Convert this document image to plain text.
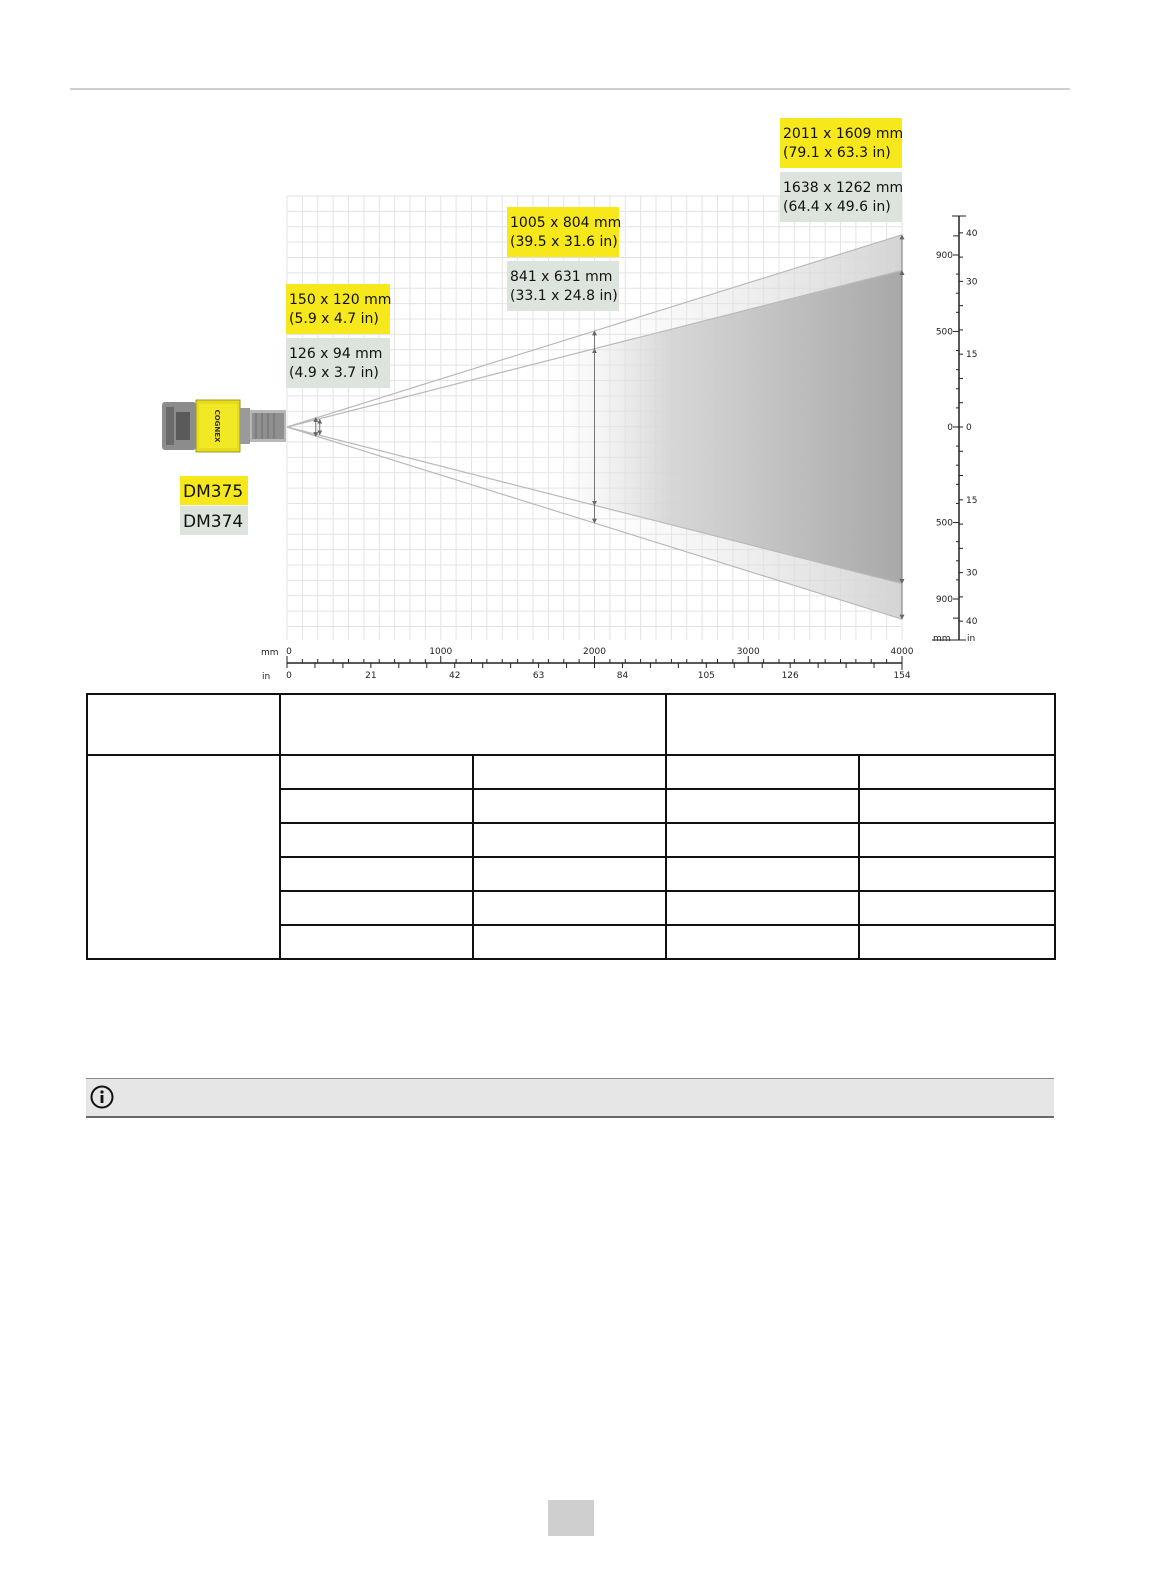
mm
in
0	1000	2000	3000	4000
0	21	42	63	84	105	126	154
900
500
0
500
900
40
30
15
0
15
30
40
mm in
COGNEX
150 x 120 mm
(5.9 x 4.7 in)
126 x 94 mm
(4.9 x 3.7 in)
1005 x 804 mm
(39.5 x 31.6 in)
841 x 631 mm
(33.1 x 24.8 in)
2011 x 1609 mm
(79.1 x 63.3 in)
1638 x 1262 mm
(64.4 x 49.6 in)
DM375
DM374
